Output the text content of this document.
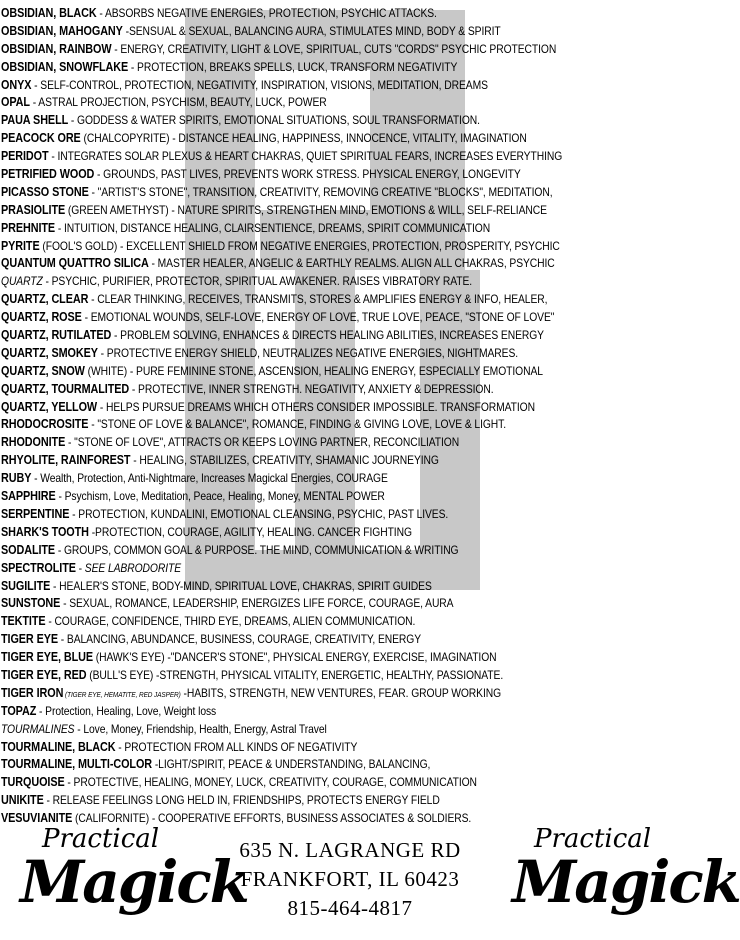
OBSIDIAN, BLACK - ABSORBS NEGATIVE ENERGIES, PROTECTION, PSYCHIC ATTACKS.
OBSIDIAN, MAHOGANY -SENSUAL & SEXUAL, BALANCING AURA, STIMULATES MIND, BODY & SPIRIT
OBSIDIAN, RAINBOW - ENERGY, CREATIVITY, LIGHT & LOVE, SPIRITUAL, CUTS "CORDS" PSYCHIC PROTECTION
OBSIDIAN, SNOWFLAKE - PROTECTION, BREAKS SPELLS, LUCK, TRANSFORM NEGATIVITY
ONYX - SELF-CONTROL, PROTECTION, NEGATIVITY, INSPIRATION, VISIONS, MEDITATION, DREAMS
OPAL - ASTRAL PROJECTION, PSYCHISM, BEAUTY, LUCK, POWER
PAUA SHELL - GODDESS & WATER SPIRITS, EMOTIONAL SITUATIONS, SOUL TRANSFORMATION.
PEACOCK ORE (CHALCOPYRITE) - DISTANCE HEALING, HAPPINESS, INNOCENCE, VITALITY, IMAGINATION
PERIDOT - INTEGRATES SOLAR PLEXUS & HEART CHAKRAS, QUIET SPIRITUAL FEARS, INCREASES EVERYTHING
PETRIFIED WOOD - GROUNDS, PAST LIVES, PREVENTS WORK STRESS. PHYSICAL ENERGY, LONGEVITY
PICASSO STONE - "ARTIST'S STONE", TRANSITION, CREATIVITY, REMOVING CREATIVE "BLOCKS", MEDITATION,
PRASIOLITE (GREEN AMETHYST) - NATURE SPIRITS, STRENGTHEN MIND, EMOTIONS & WILL, SELF-RELIANCE
PREHNITE - INTUITION, DISTANCE HEALING, CLAIRSENTIENCE, DREAMS, SPIRIT COMMUNICATION
PYRITE (FOOL'S GOLD) - EXCELLENT SHIELD FROM NEGATIVE ENERGIES, PROTECTION, PROSPERITY, PSYCHIC
QUANTUM QUATTRO SILICA - MASTER HEALER, ANGELIC & EARTHLY REALMS. ALIGN ALL CHAKRAS, PSYCHIC
QUARTZ - PSYCHIC, PURIFIER, PROTECTOR, SPIRITUAL AWAKENER. RAISES VIBRATORY RATE.
QUARTZ, CLEAR - CLEAR THINKING, RECEIVES, TRANSMITS, STORES & AMPLIFIES ENERGY & INFO, HEALER,
QUARTZ, ROSE - EMOTIONAL WOUNDS, SELF-LOVE, ENERGY OF LOVE, TRUE LOVE, PEACE, "STONE OF LOVE"
QUARTZ, RUTILATED - PROBLEM SOLVING, ENHANCES & DIRECTS HEALING ABILITIES, INCREASES ENERGY
QUARTZ, SMOKEY - PROTECTIVE ENERGY SHIELD, NEUTRALIZES NEGATIVE ENERGIES, NIGHTMARES.
QUARTZ, SNOW (WHITE) - PURE FEMININE STONE, ASCENSION, HEALING ENERGY, ESPECIALLY EMOTIONAL
QUARTZ, TOURMALITED - PROTECTIVE, INNER STRENGTH. NEGATIVITY, ANXIETY & DEPRESSION.
QUARTZ, YELLOW - HELPS PURSUE DREAMS WHICH OTHERS CONSIDER IMPOSSIBLE. TRANSFORMATION
RHODOCROSITE - "STONE OF LOVE & BALANCE", ROMANCE, FINDING & GIVING LOVE, LOVE & LIGHT.
RHODONITE - "STONE OF LOVE", ATTRACTS OR KEEPS LOVING PARTNER, RECONCILIATION
RHYOLITE, RAINFOREST - HEALING, STABILIZES, CREATIVITY, SHAMANIC JOURNEYING
RUBY - Wealth, Protection, Anti-Nightmare, Increases Magickal Energies, COURAGE
SAPPHIRE - Psychism, Love, Meditation, Peace, Healing, Money, MENTAL POWER
SERPENTINE - PROTECTION, KUNDALINI, EMOTIONAL CLEANSING, PSYCHIC, PAST LIVES.
SHARK'S TOOTH -PROTECTION, COURAGE, AGILITY, HEALING. CANCER FIGHTING
SODALITE - GROUPS, COMMON GOAL & PURPOSE. THE MIND, COMMUNICATION & WRITING
SPECTROLITE - SEE LABRODORITE
SUGILITE - HEALER'S STONE, BODY-MIND, SPIRITUAL LOVE, CHAKRAS, SPIRIT GUIDES
SUNSTONE - SEXUAL, ROMANCE, LEADERSHIP, ENERGIZES LIFE FORCE, COURAGE, AURA
TEKTITE - COURAGE, CONFIDENCE, THIRD EYE, DREAMS, ALIEN COMMUNICATION.
TIGER EYE - BALANCING, ABUNDANCE, BUSINESS, COURAGE, CREATIVITY, ENERGY
TIGER EYE, BLUE (HAWK'S EYE) -"DANCER'S STONE", PHYSICAL ENERGY, EXERCISE, IMAGINATION
TIGER EYE, RED (BULL'S EYE) -STRENGTH, PHYSICAL VITALITY, ENERGETIC, HEALTHY, PASSIONATE.
TIGER IRON (TIGER EYE, HEMATITE, RED JASPER) -HABITS, STRENGTH, NEW VENTURES, FEAR. GROUP WORKING
TOPAZ - Protection, Healing, Love, Weight loss
TOURMALINES - Love, Money, Friendship, Health, Energy, Astral Travel
TOURMALINE, BLACK - PROTECTION FROM ALL KINDS OF NEGATIVITY
TOURMALINE, MULTI-COLOR -LIGHT/SPIRIT, PEACE & UNDERSTANDING, BALANCING,
TURQUOISE - PROTECTIVE, HEALING, MONEY, LUCK, CREATIVITY, COURAGE, COMMUNICATION
UNIKITE - RELEASE FEELINGS LONG HELD IN, FRIENDSHIPS, PROTECTS ENERGY FIELD
VESUVIANITE (CALIFORNITE) - COOPERATIVE EFFORTS, BUSINESS ASSOCIATES & SOLDIERS.
Practical
Magick
635 N. LAGRANGE RD
FRANKFORT, IL 60423
815-464-4817
Practical
Magick
